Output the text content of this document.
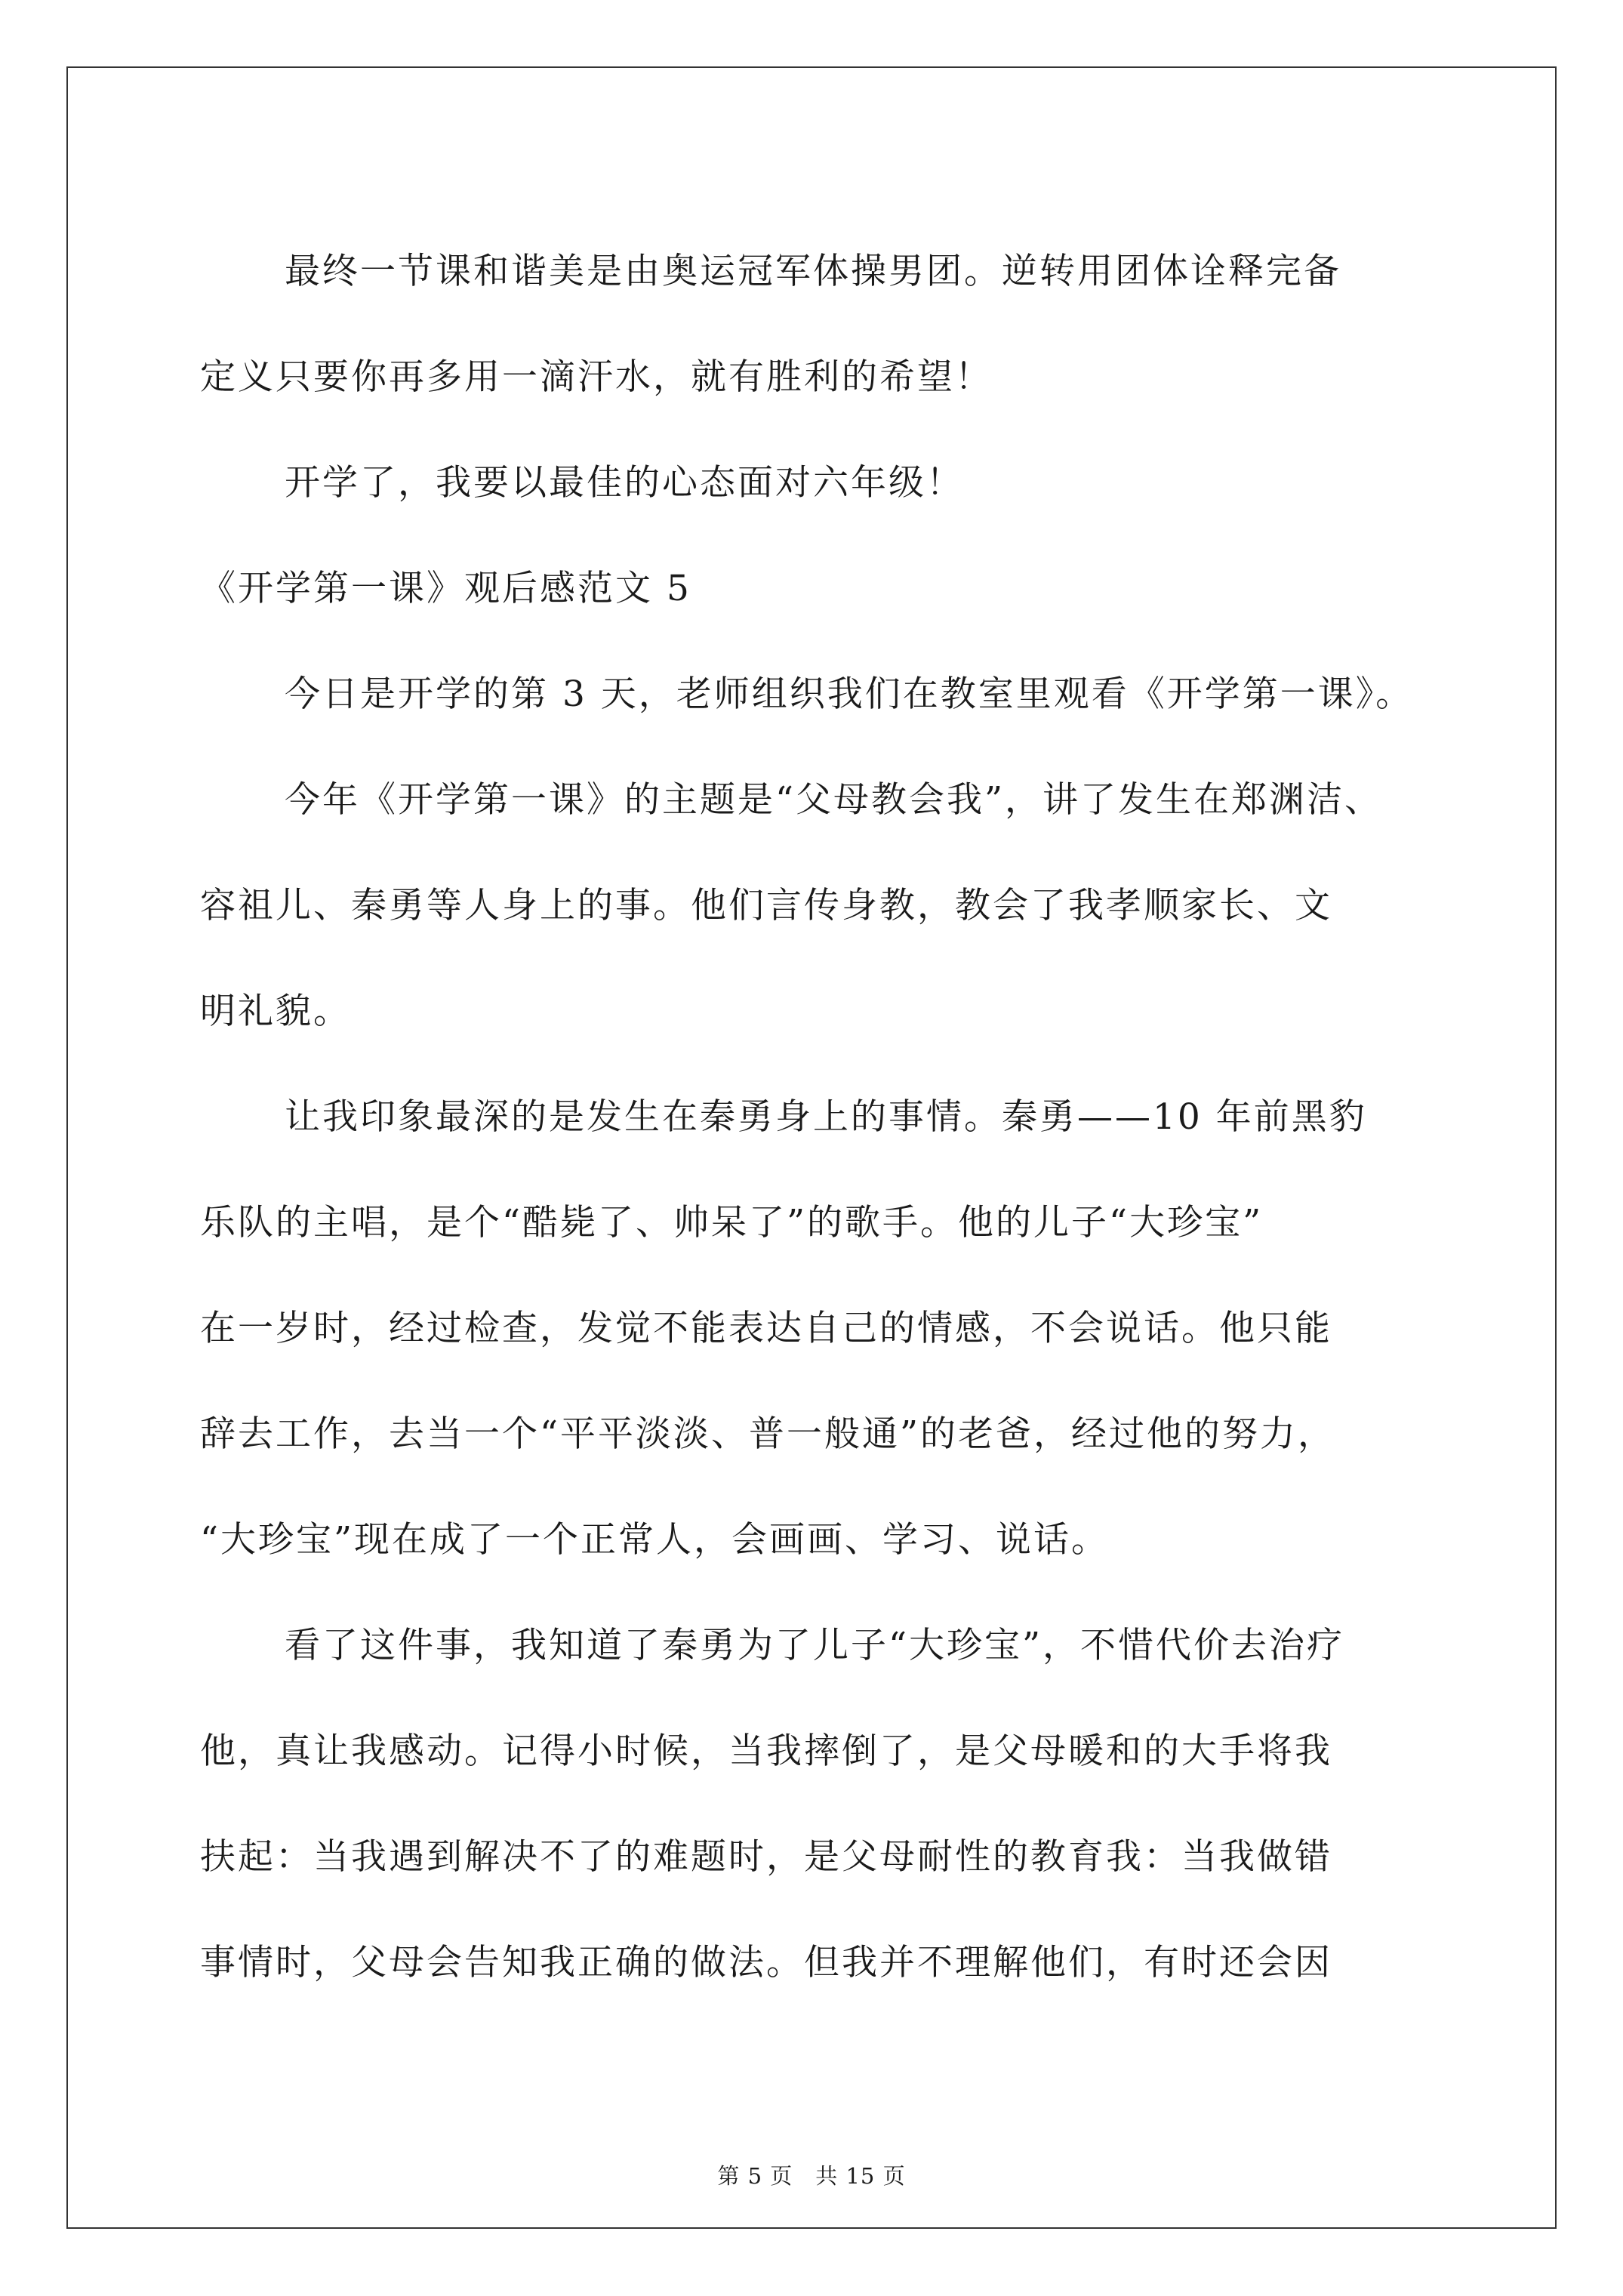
最终一节课和谐美是由奥运冠军体操男团。逆转用团体诠释完备
定义只要你再多用一滴汗水，就有胜利的希望！
开学了，我要以最佳的心态面对六年级！
《开学第一课》观后感范文 5
今日是开学的第 3 天，老师组织我们在教室里观看《开学第一课》。
今年《开学第一课》的主题是“父母教会我”，讲了发生在郑渊洁、
容祖儿、秦勇等人身上的事。他们言传身教，教会了我孝顺家长、文
明礼貌。
让我印象最深的是发生在秦勇身上的事情。秦勇——10 年前黑豹
乐队的主唱，是个“酷毙了、帅呆了”的歌手。他的儿子“大珍宝”
在一岁时，经过检查，发觉不能表达自己的情感，不会说话。他只能
辞去工作，去当一个“平平淡淡、普一般通”的老爸，经过他的努力，
“大珍宝”现在成了一个正常人，会画画、学习、说话。
看了这件事，我知道了秦勇为了儿子“大珍宝”，不惜代价去治疗
他，真让我感动。记得小时候，当我摔倒了，是父母暖和的大手将我
扶起：当我遇到解决不了的难题时，是父母耐性的教育我：当我做错
事情时，父母会告知我正确的做法。但我并不理解他们，有时还会因
第 5 页 共 15 页
